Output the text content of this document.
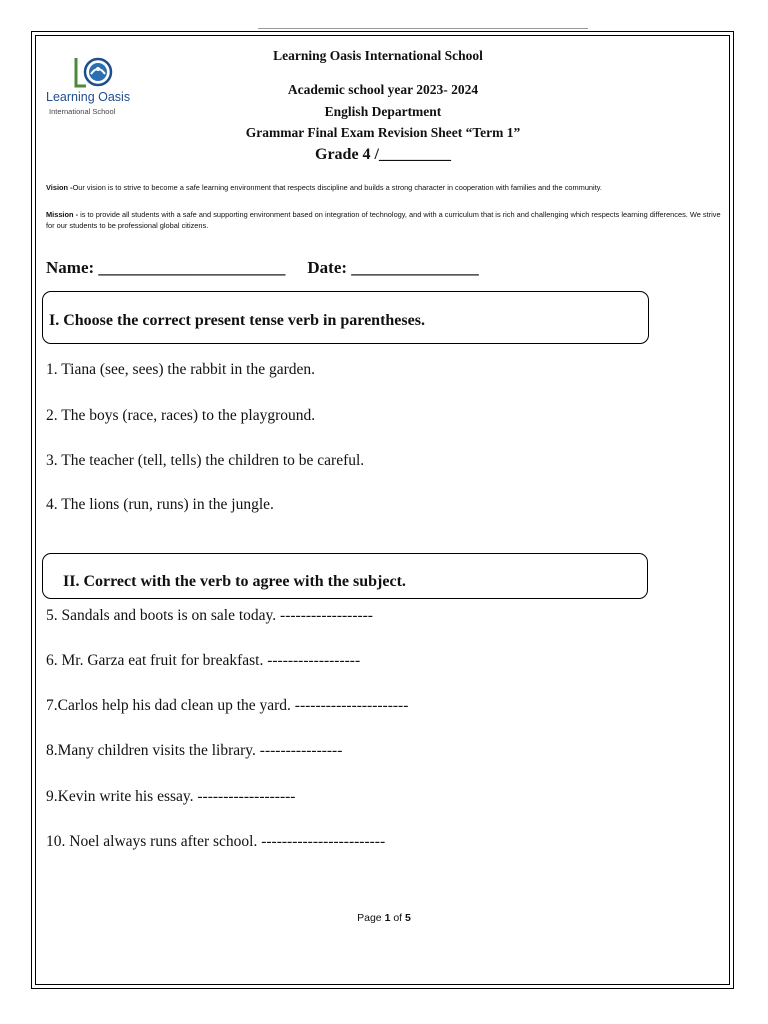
Learning Oasis
International School
Learning Oasis International School
Academic school year 2023- 2024
English Department
Grammar Final Exam Revision Sheet “Term 1”
Grade 4 /_________
Vision -Our vision is to strive to become a safe learning environment that respects discipline and builds a strong character in cooperation with families and the community.
Mission - is to provide all students with a safe and supporting environment based on integration of technology, and with a curriculum that is rich and challenging which respects learning differences. We strive for our students to be professional global citizens.
Name: ______________________ Date: _______________
I. Choose the correct present tense verb in parentheses.
1. Tiana (see, sees) the rabbit in the garden.
2. The boys (race, races) to the playground.
3. The teacher (tell, tells) the children to be careful.
4. The lions (run, runs) in the jungle.
II. Correct with the verb to agree with the subject.
5. Sandals and boots is on sale today. ------------------
6. Mr. Garza eat fruit for breakfast. ------------------
7.Carlos help his dad clean up the yard. ----------------------
8.Many children visits the library. ----------------
9.Kevin write his essay. -------------------
10. Noel always runs after school. ------------------------
Page 1 of 5
